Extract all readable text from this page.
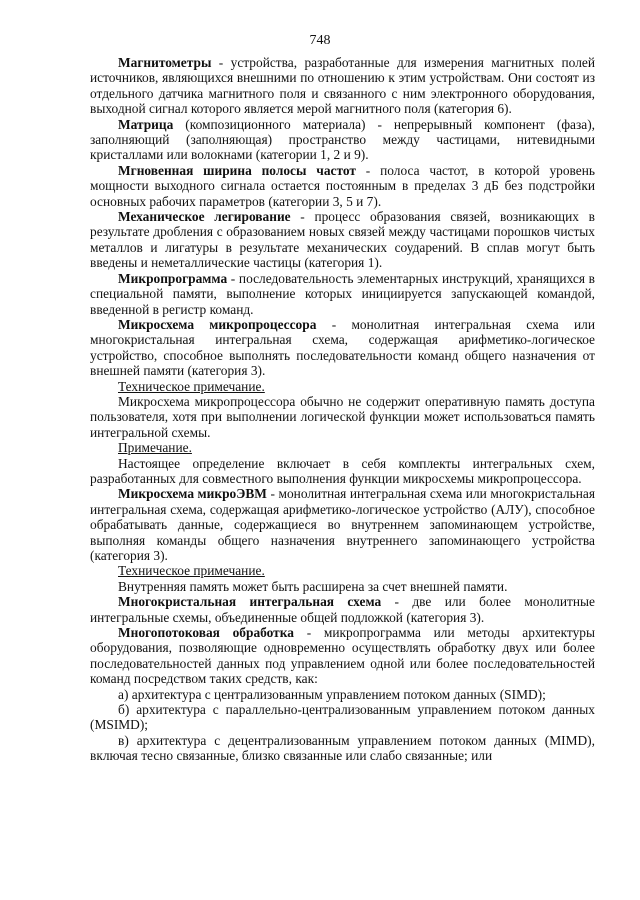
748

Магнитометры - устройства, разработанные для измерения магнитных полей источников, являющихся внешними по отношению к этим устройствам. Они состоят из отдельного датчика магнитного поля и связанного с ним электронного оборудования, выходной сигнал которого является мерой магнитного поля (категория 6).

Матрица (композиционного материала) - непрерывный компонент (фаза), заполняющий (заполняющая) пространство между частицами, нитевидными кристаллами или волокнами (категории 1, 2 и 9).

Мгновенная ширина полосы частот - полоса частот, в которой уровень мощности выходного сигнала остается постоянным в пределах 3 дБ без подстройки основных рабочих параметров (категории 3, 5 и 7).

Механическое легирование - процесс образования связей, возникающих в результате дробления с образованием новых связей между частицами порошков чистых металлов и лигатуры в результате механических соударений. В сплав могут быть введены и неметаллические частицы (категория 1).

Микропрограмма - последовательность элементарных инструкций, хранящихся в специальной памяти, выполнение которых инициируется запускающей командой, введенной в регистр команд.

Микросхема микропроцессора - монолитная интегральная схема или многокристальная интегральная схема, содержащая арифметико-логическое устройство, способное выполнять последовательности команд общего назначения от внешней памяти (категория 3).

Техническое примечание.

Микросхема микропроцессора обычно не содержит оперативную память доступа пользователя, хотя при выполнении логической функции может использоваться память интегральной схемы.

Примечание.

Настоящее определение включает в себя комплекты интегральных схем, разработанных для совместного выполнения функции микросхемы микропроцессора.

Микросхема микроЭВМ - монолитная интегральная схема или многокристальная интегральная схема, содержащая арифметико-логическое устройство (АЛУ), способное обрабатывать данные, содержащиеся во внутреннем запоминающем устройстве, выполняя команды общего назначения внутреннего запоминающего устройства (категория 3).

Техническое примечание.

Внутренняя память может быть расширена за счет внешней памяти.

Многокристальная интегральная схема - две или более монолитные интегральные схемы, объединенные общей подложкой (категория 3).

Многопотоковая обработка - микропрограмма или методы архитектуры оборудования, позволяющие одновременно осуществлять обработку двух или более последовательностей данных под управлением одной или более последовательностей команд посредством таких средств, как:

а) архитектура с централизованным управлением потоком данных (SIMD);

б) архитектура с параллельно-централизованным управлением потоком данных (MSIMD);

в) архитектура с децентрализованным управлением потоком данных (MIMD), включая тесно связанные, близко связанные или слабо связанные; или
